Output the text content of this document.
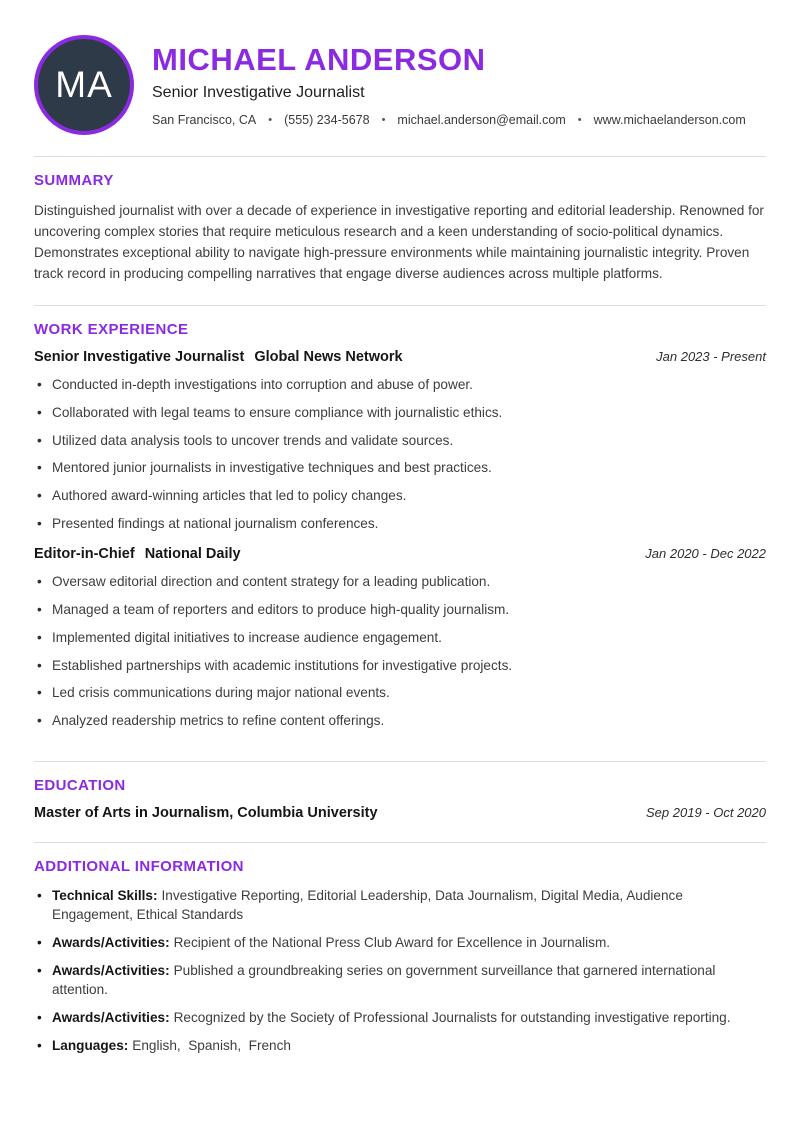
MA
MICHAEL ANDERSON
Senior Investigative Journalist
San Francisco, CA • (555) 234-5678 • michael.anderson@email.com • www.michaelanderson.com
SUMMARY

Distinguished journalist with over a decade of experience in investigative reporting and editorial leadership. Renowned for uncovering complex stories that require meticulous research and a keen understanding of socio-political dynamics. Demonstrates exceptional ability to navigate high-pressure environments while maintaining journalistic integrity. Proven track record in producing compelling narratives that engage diverse audiences across multiple platforms.

WORK EXPERIENCE
Senior Investigative Journalist Global News Network	Jan 2023 - Present
• Conducted in-depth investigations into corruption and abuse of power.
• Collaborated with legal teams to ensure compliance with journalistic ethics.
• Utilized data analysis tools to uncover trends and validate sources.
• Mentored junior journalists in investigative techniques and best practices.
• Authored award-winning articles that led to policy changes.
• Presented findings at national journalism conferences.
Editor-in-Chief National Daily	Jan 2020 - Dec 2022
• Oversaw editorial direction and content strategy for a leading publication.
• Managed a team of reporters and editors to produce high-quality journalism.
• Implemented digital initiatives to increase audience engagement.
• Established partnerships with academic institutions for investigative projects.
• Led crisis communications during major national events.
• Analyzed readership metrics to refine content offerings.
EDUCATION
Master of Arts in Journalism, Columbia University	Sep 2019 - Oct 2020
ADDITIONAL INFORMATION
• Technical Skills: Investigative Reporting, Editorial Leadership, Data Journalism, Digital Media, Audience Engagement, Ethical Standards
• Awards/Activities: Recipient of the National Press Club Award for Excellence in Journalism.
• Awards/Activities: Published a groundbreaking series on government surveillance that garnered international attention.
• Awards/Activities: Recognized by the Society of Professional Journalists for outstanding investigative reporting.
• Languages: English,  Spanish,  French
